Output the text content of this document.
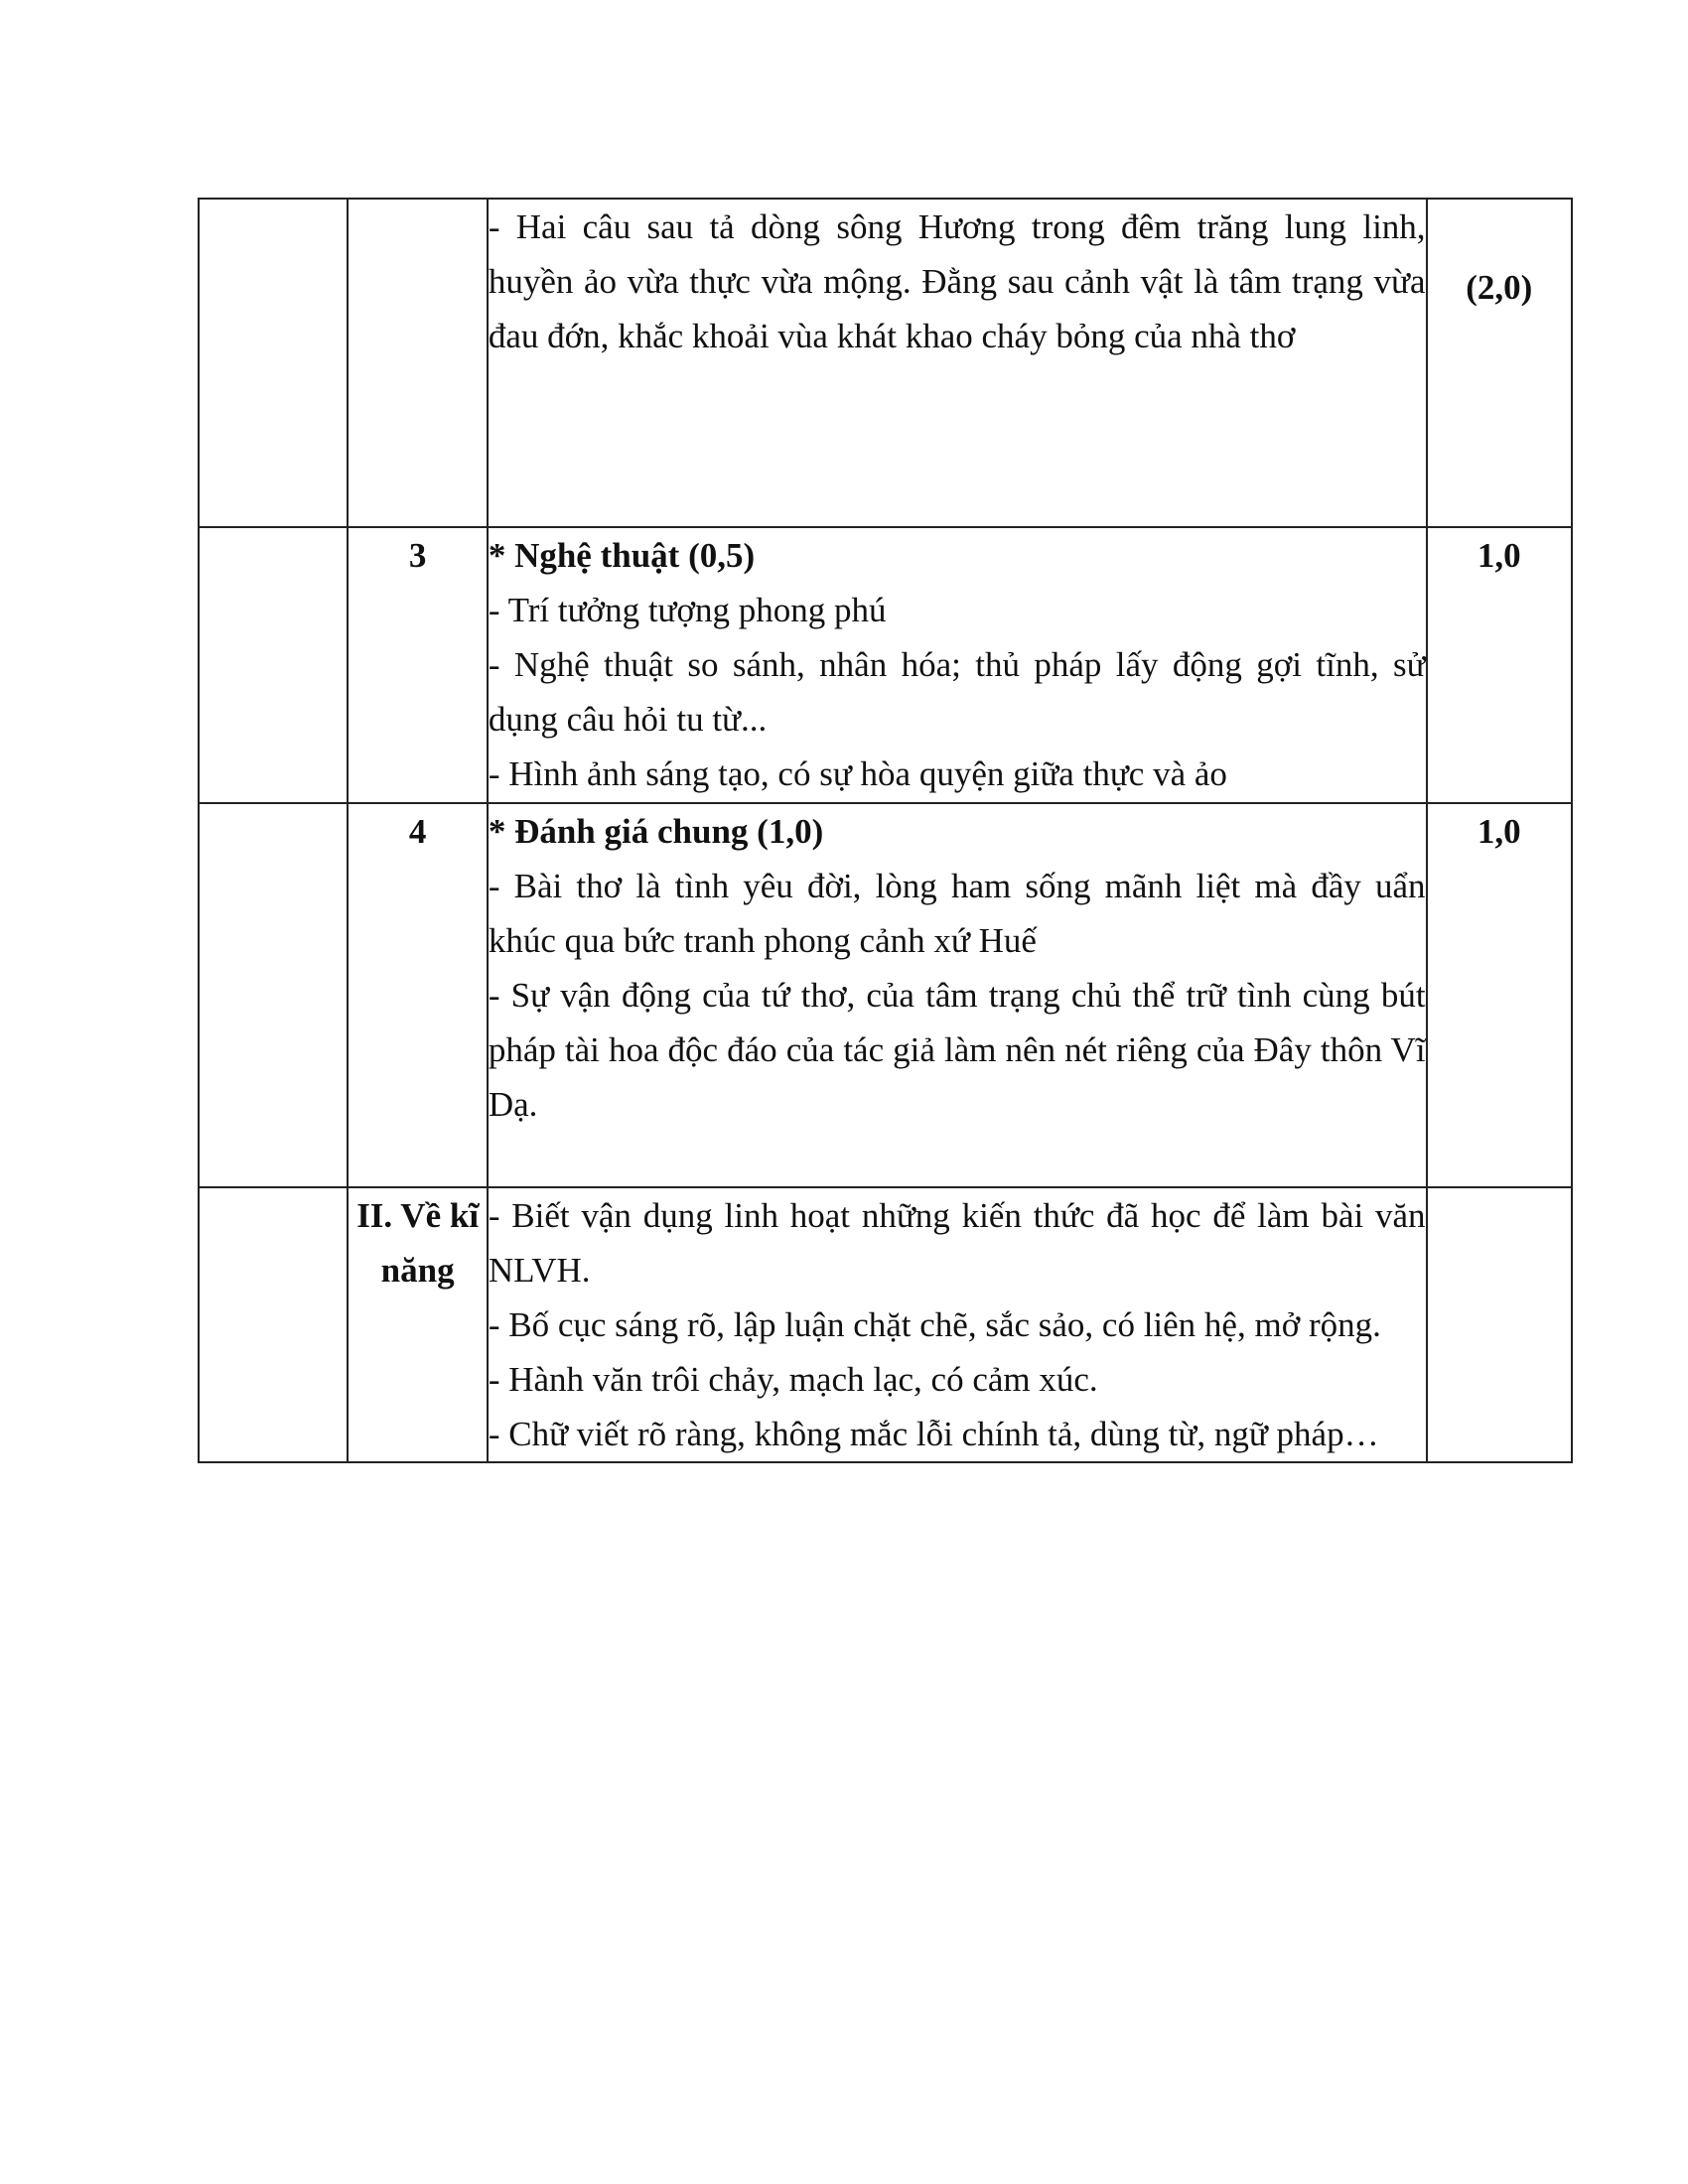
		- Hai câu sau tả dòng sông Hương trong đêm trăng lung linh, huyền ảo vừa thực vừa mộng. Đằng sau cảnh vật là tâm trạng vừa đau đớn, khắc khoải vùa khát khao cháy bỏng của nhà thơ	(2,0)
	3	* Nghệ thuật (0,5)
- Trí tưởng tượng phong phú
- Nghệ thuật so sánh, nhân hóa; thủ pháp lấy động gợi tĩnh, sử dụng câu hỏi tu từ...
- Hình ảnh sáng tạo, có sự hòa quyện giữa thực và ảo	1,0
	4	* Đánh giá chung (1,0)
- Bài thơ là tình yêu đời, lòng ham sống mãnh liệt mà đầy uẩn khúc qua bức tranh phong cảnh xứ Huế
- Sự vận động của tứ thơ, của tâm trạng chủ thể trữ tình cùng bút pháp tài hoa độc đáo của tác giả làm nên nét riêng của Đây thôn Vĩ Dạ.	1,0
	II. Về kĩ năng	- Biết vận dụng linh hoạt những kiến thức đã học để làm bài văn NLVH.
- Bố cục sáng rõ, lập luận chặt chẽ, sắc sảo, có liên hệ, mở rộng.
- Hành văn trôi chảy, mạch lạc, có cảm xúc.
- Chữ viết rõ ràng, không mắc lỗi chính tả, dùng từ, ngữ pháp…	
